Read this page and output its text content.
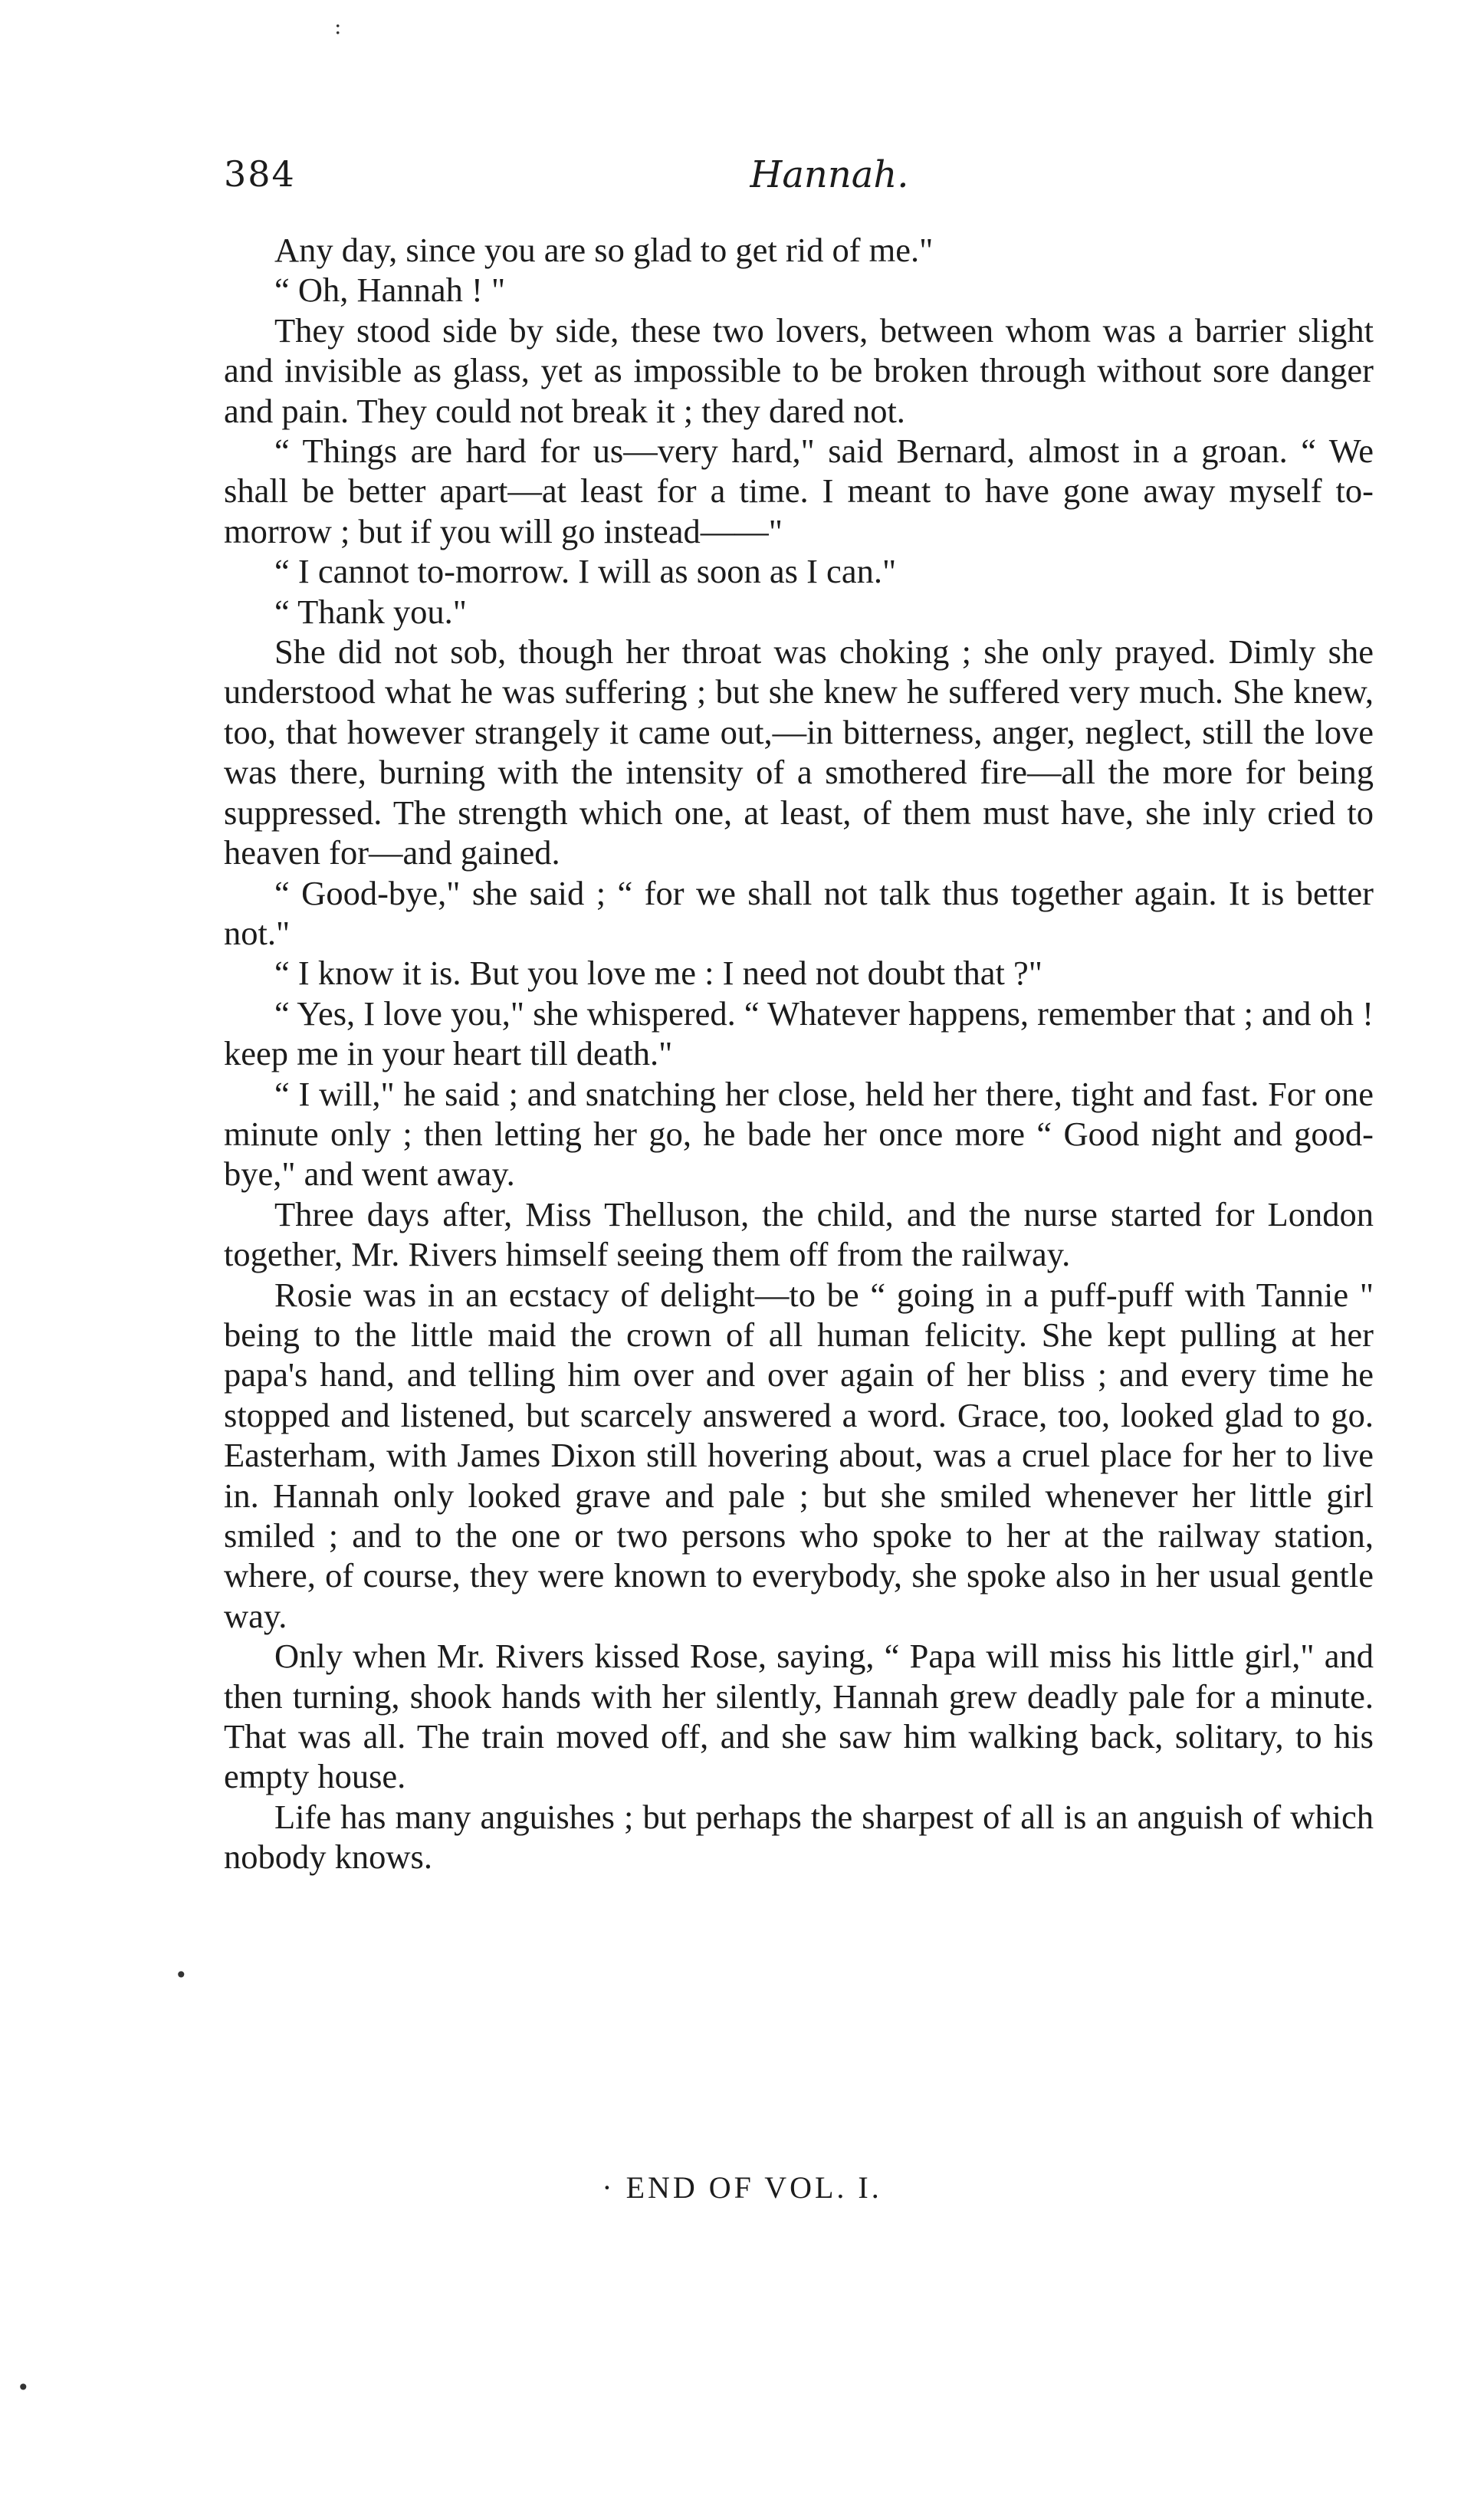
:
384	Hannah.

Any day, since you are so glad to get rid of me."

“ Oh, Hannah ! "

They stood side by side, these two lovers, between whom was a barrier slight and invisible as glass, yet as impossible to be broken through without sore danger and pain. They could not break it ; they dared not.

“ Things are hard for us—very hard," said Bernard, almost in a groan. “ We shall be better apart—at least for a time. I meant to have gone away myself to-morrow ; but if you will go instead——"

“ I cannot to-morrow. I will as soon as I can."

“ Thank you."

She did not sob, though her throat was choking ; she only prayed. Dimly she understood what he was suffering ; but she knew he suffered very much. She knew, too, that however strangely it came out,—in bitterness, anger, neglect, still the love was there, burning with the intensity of a smothered fire—all the more for being suppressed. The strength which one, at least, of them must have, she inly cried to heaven for—and gained.

“ Good-bye," she said ; “ for we shall not talk thus together again. It is better not."

“ I know it is. But you love me : I need not doubt that ?"

“ Yes, I love you," she whispered. “ Whatever happens, remember that ; and oh ! keep me in your heart till death."

“ I will," he said ; and snatching her close, held her there, tight and fast. For one minute only ; then letting her go, he bade her once more “ Good night and good-bye," and went away.

Three days after, Miss Thelluson, the child, and the nurse started for London together, Mr. Rivers himself seeing them off from the railway.

Rosie was in an ecstacy of delight—to be “ going in a puff-puff with Tannie " being to the little maid the crown of all human felicity. She kept pulling at her papa's hand, and telling him over and over again of her bliss ; and every time he stopped and listened, but scarcely answered a word. Grace, too, looked glad to go. Easterham, with James Dixon still hovering about, was a cruel place for her to live in. Hannah only looked grave and pale ; but she smiled whenever her little girl smiled ; and to the one or two persons who spoke to her at the railway station, where, of course, they were known to everybody, she spoke also in her usual gentle way.

Only when Mr. Rivers kissed Rose, saying, “ Papa will miss his little girl," and then turning, shook hands with her silently, Hannah grew deadly pale for a minute. That was all. The train moved off, and she saw him walking back, solitary, to his empty house.

Life has many anguishes ; but perhaps the sharpest of all is an anguish of which nobody knows.

•
· END OF VOL. I.
•
